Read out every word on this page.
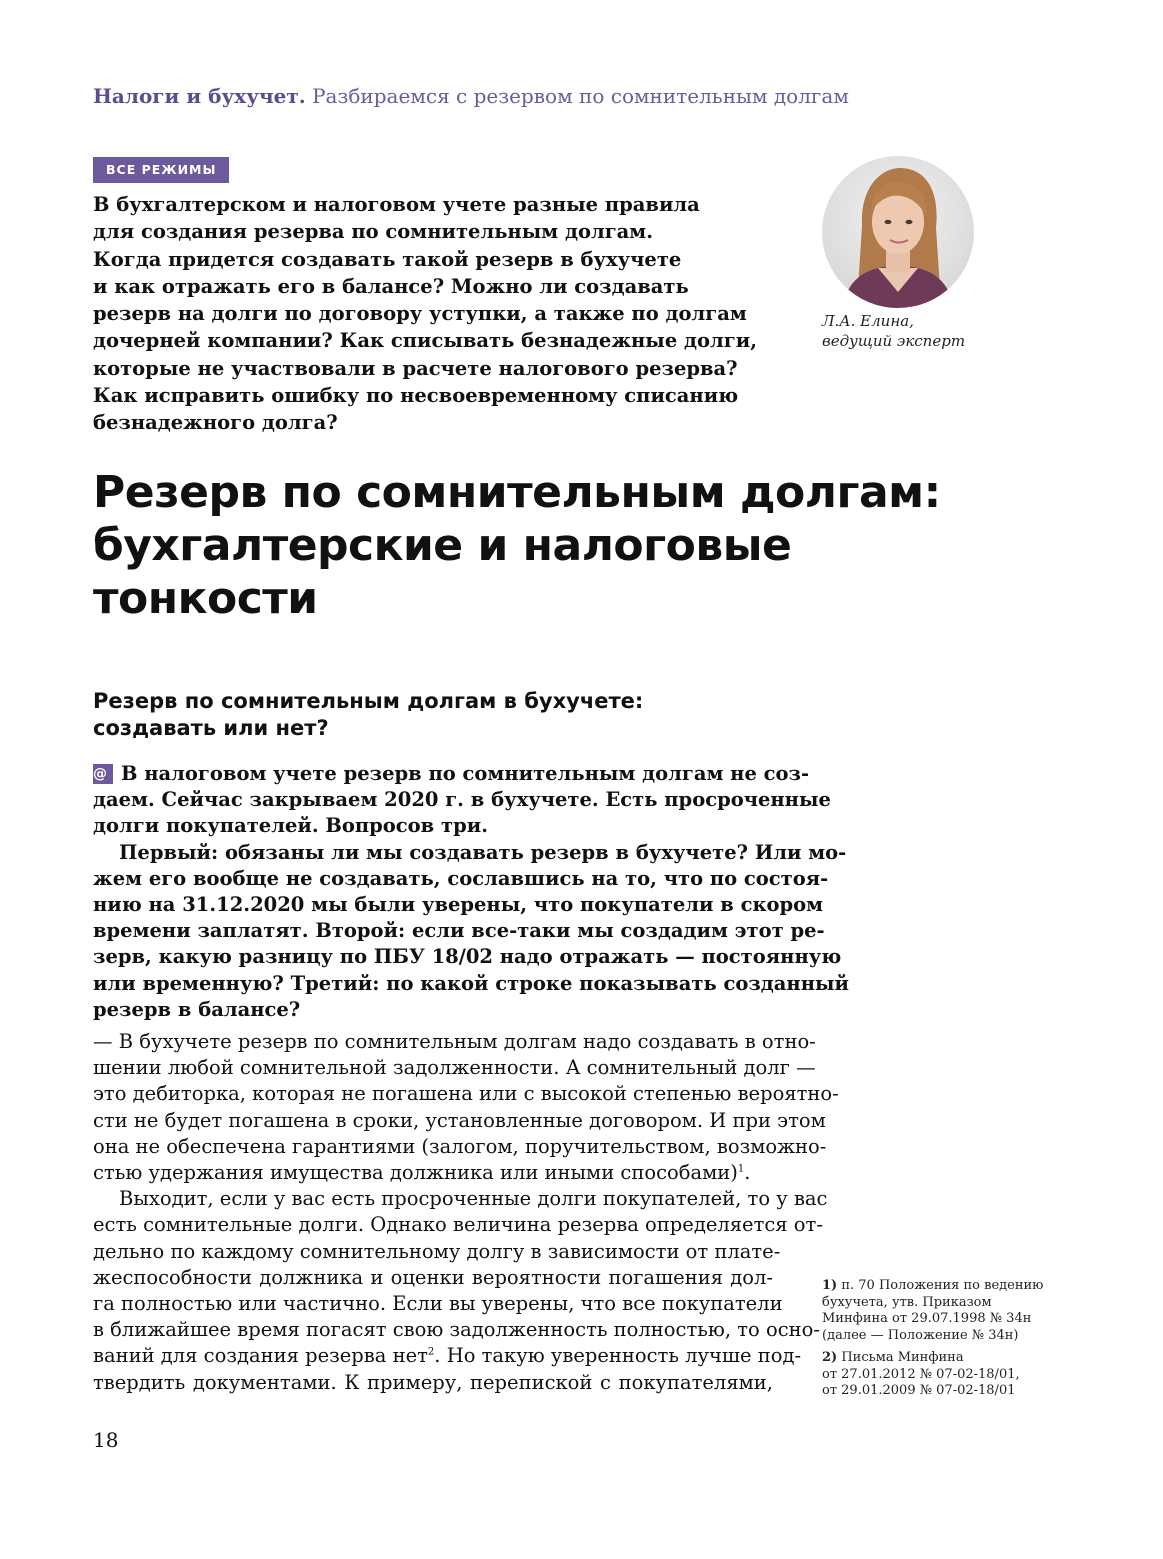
Налоги и бухучет. Разбираемся с резервом по сомнительным долгам
ВСЕ РЕЖИМЫ
В бухгалтерском и налоговом учете разные правила
для создания резерва по сомнительным долгам.
Когда придется создавать такой резерв в бухучете
и как отражать его в балансе? Можно ли создавать
резерв на долги по договору уступки, а также по долгам
дочерней компании? Как списывать безнадежные долги,
которые не участвовали в расчете налогового резерва?
Как исправить ошибку по несвоевременному списанию
безнадежного долга?
Л.А. Елина,
ведущий эксперт
Резерв по сомнительным долгам:
бухгалтерские и налоговые
тонкости
Резерв по сомнительным долгам в бухучете:
создавать или нет?
@ В налоговом учете резерв по сомнительным долгам не соз-
даем. Сейчас закрываем 2020 г. в бухучете. Есть просроченные
долги покупателей. Вопросов три.
Первый: обязаны ли мы создавать резерв в бухучете? Или мо-
жем его вообще не создавать, сославшись на то, что по состоя-
нию на 31.12.2020 мы были уверены, что покупатели в скором
времени заплатят. Второй: если все-таки мы создадим этот ре-
зерв, какую разницу по ПБУ 18/02 надо отражать — постоянную
или временную? Третий: по какой строке показывать созданный
резерв в балансе?
— В бухучете резерв по сомнительным долгам надо создавать в отно-
шении любой сомнительной задолженности. А сомнительный долг —
это дебиторка, которая не погашена или с высокой степенью вероятно-
сти не будет погашена в сроки, установленные договором. И при этом
она не обеспечена гарантиями (залогом, поручительством, возможно-
стью удержания имущества должника или иными способами)$^1$.
Выходит, если у вас есть просроченные долги покупателей, то у вас
есть сомнительные долги. Однако величина резерва определяется от-
дельно по каждому сомнительному долгу в зависимости от плате-
жеспособности должника и оценки вероятности погашения дол-
га полностью или частично. Если вы уверены, что все покупатели
в ближайшее время погасят свою задолженность полностью, то осно-
ваний для создания резерва нет$^2$. Но такую уверенность лучше под-
твердить документами. К примеру, перепиской с покупателями,
1) п. 70 Положения по ведению
бухучета, утв. Приказом
Минфина от 29.07.1998 № 34н
(далее — Положение № 34н)
2) Письма Минфина
от 27.01.2012 № 07-02-18/01,
от 29.01.2009 № 07-02-18/01
18
